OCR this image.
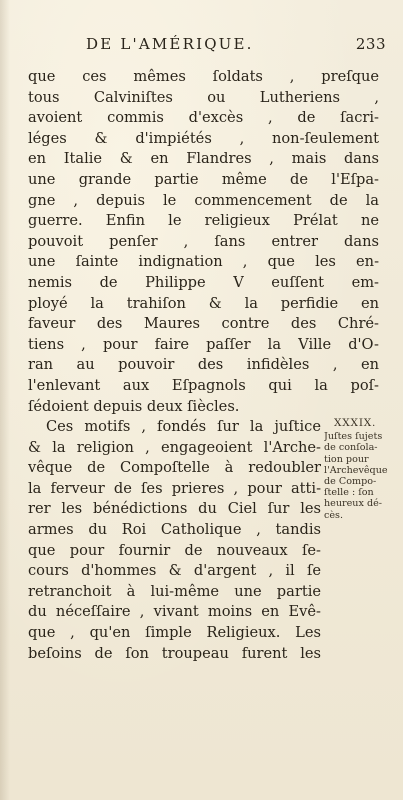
DE L'AMÉRIQUE.	233
que ces mêmes ſoldats , preſque
tous Calviniſtes ou Lutheriens ,
avoient commis d'excès , de ſacri-
léges & d'impiétés , non-ſeulement
en Italie & en Flandres , mais dans
une grande partie même de l'Eſpa-
gne , depuis le commencement de la
guerre. Enfin le religieux Prélat ne
pouvoit penſer , ſans entrer dans
une ſainte indignation , que les en-
nemis de Philippe V euſſent em-
ployé la trahiſon & la perfidie en
faveur des Maures contre des Chré-
tiens , pour faire paſſer la Ville d'O-
ran au pouvoir des infidèles , en
l'enlevant aux Eſpagnols qui la poſ-
ſédoient depuis deux ſiècles.
Ces motifs , fondés ſur la juſtice
& la religion , engageoient l'Arche-
vêque de Compoſtelle à redoubler
la ferveur de ſes prieres , pour atti-
rer les bénédictions du Ciel ſur les
armes du Roi Catholique , tandis
que pour fournir de nouveaux ſe-
cours d'hommes & d'argent , il ſe
retranchoit à lui-même une partie
du néceſſaire , vivant moins en Evê-
que , qu'en ſimple Religieux. Les
beſoins de ſon troupeau furent les
XXXIX.
Juſtes ſujets
de conſola-
tion pour
l'Archevêque
de Compo-
ſtelle : ſon
heureux dé-
cès.
